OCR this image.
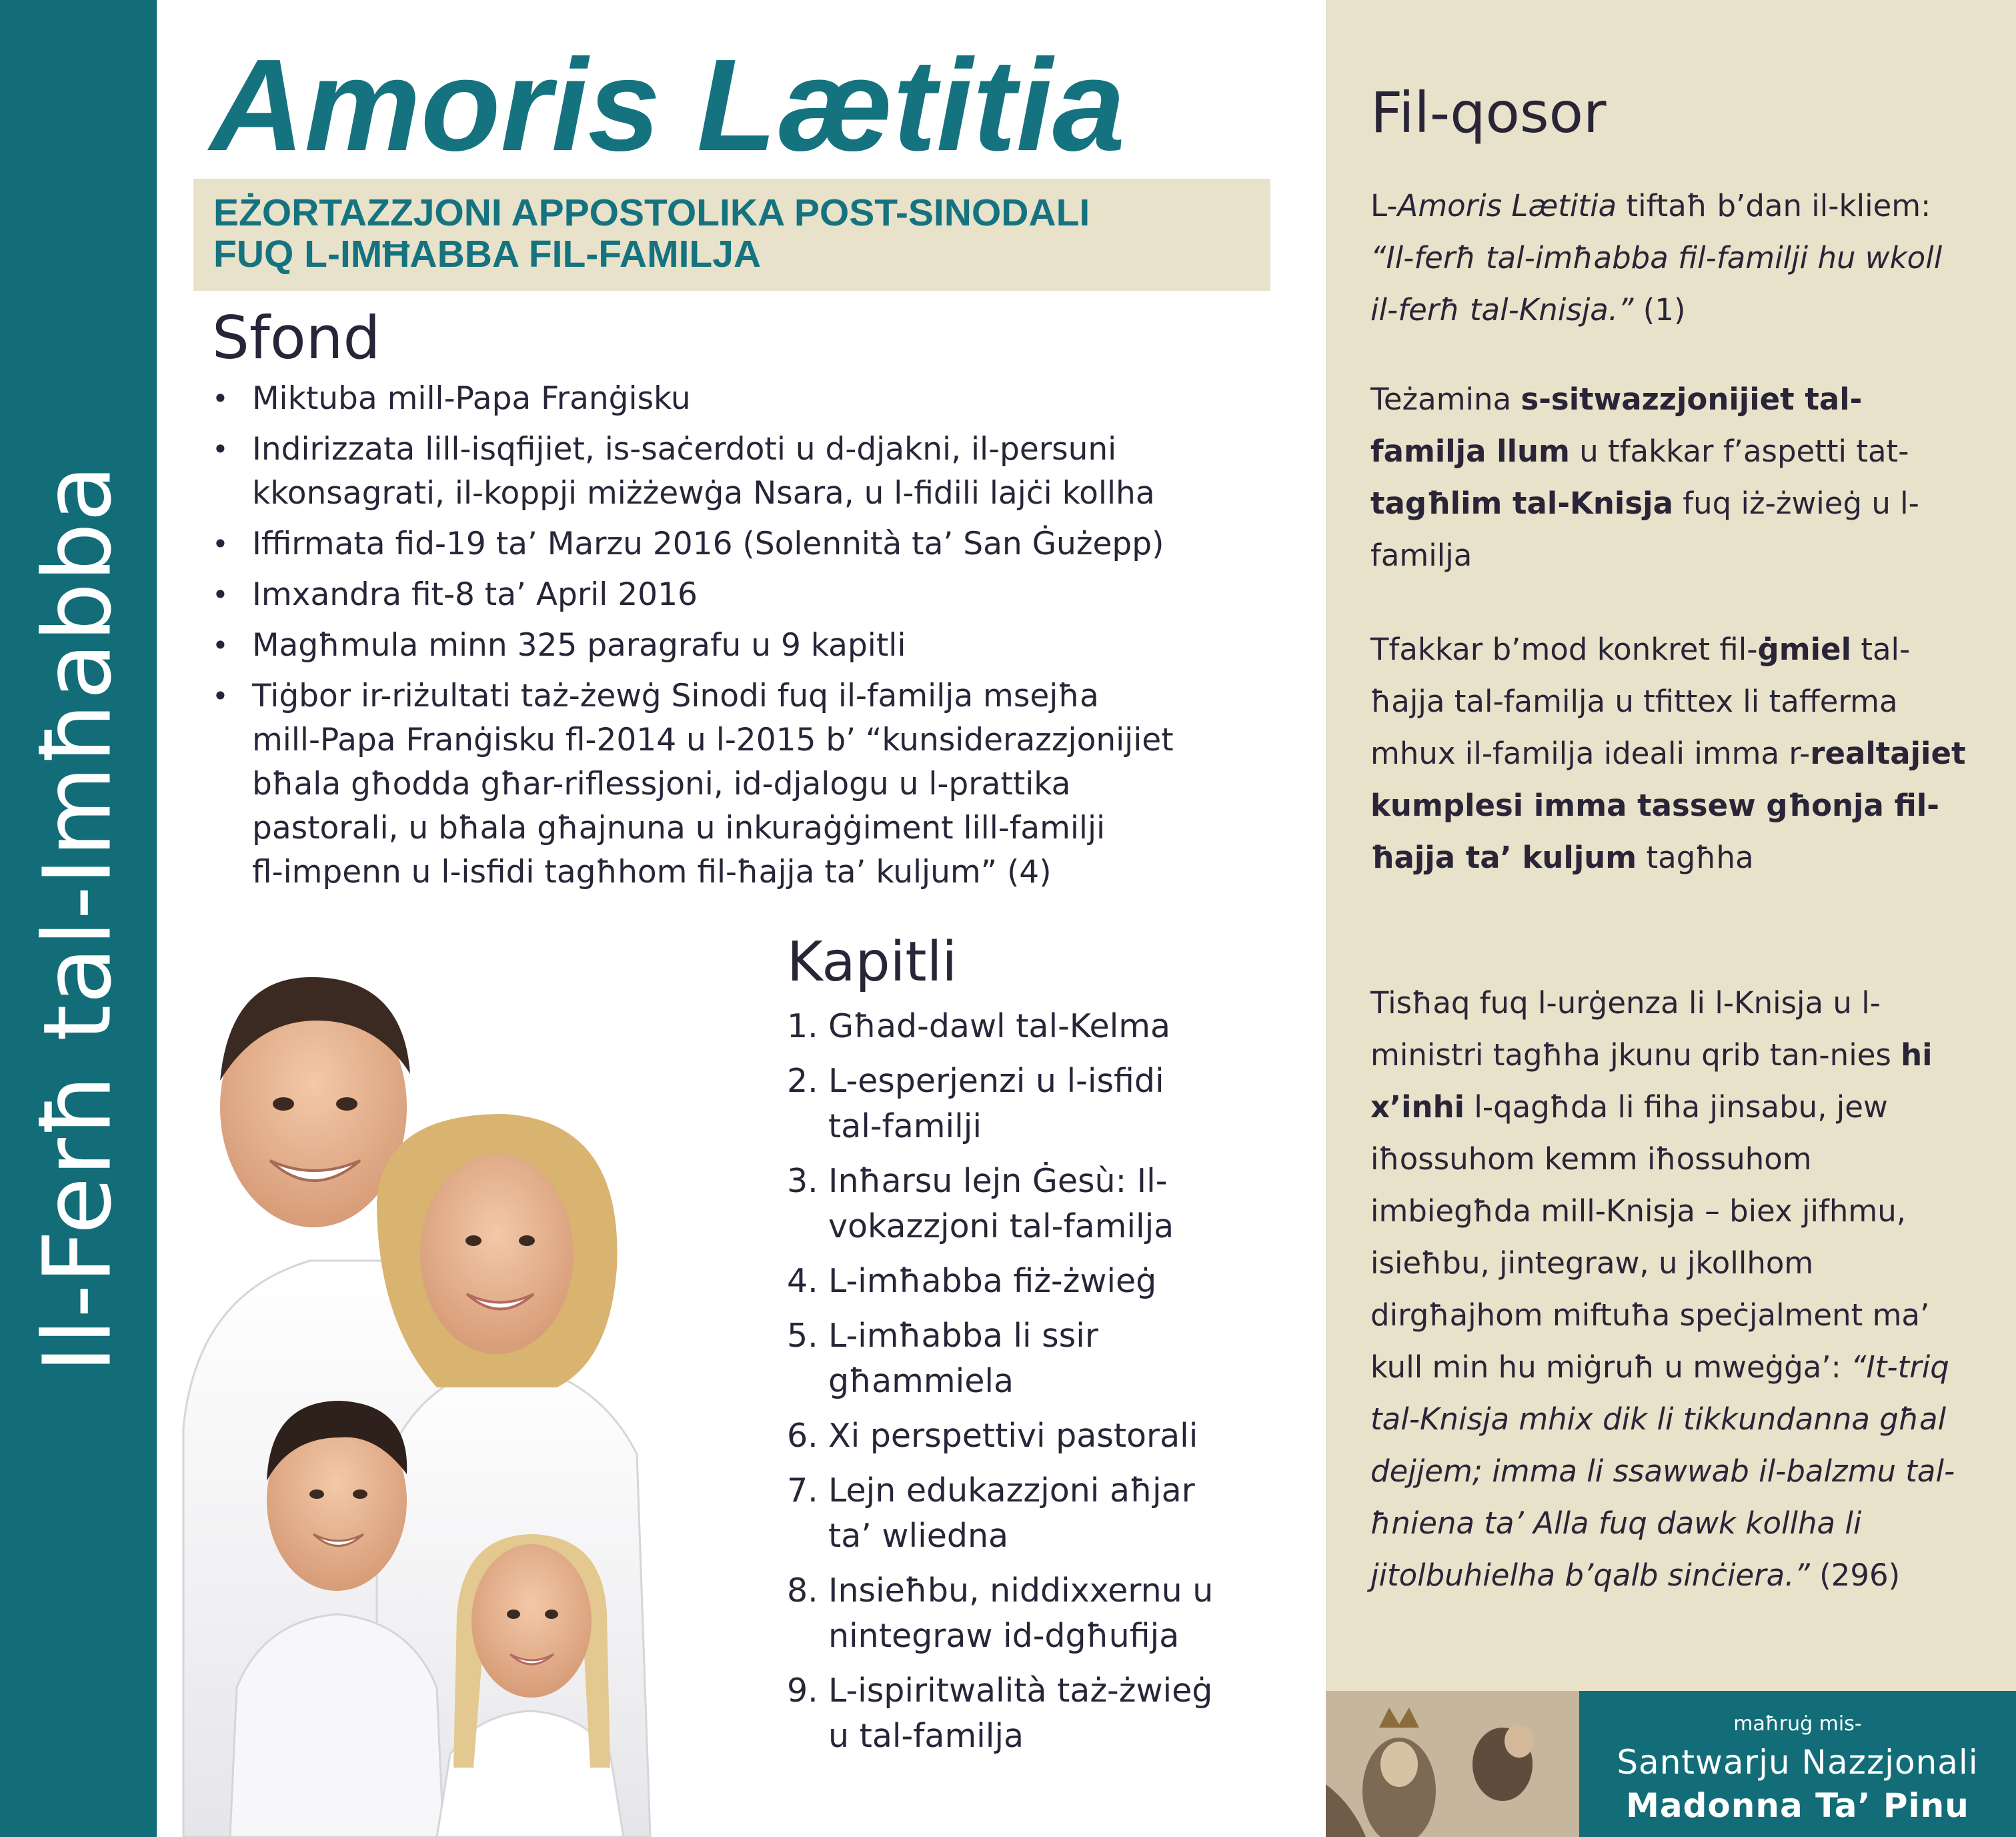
Il-Ferħ tal-Imħabba
Amoris Lætitia
EŻORTAZZJONI APPOSTOLIKA POST-SINODALI
FUQ L-IMĦABBA FIL-FAMILJA
Sfond
• Miktuba mill-Papa Franġisku
• Indirizzata lill-isqfijiet, is-saċerdoti u d-djakni, il-persuni
kkonsagrati, il-koppji miżżewġa Nsara, u l-fidili lajċi kollha
• Iffirmata fid-19 ta’ Marzu 2016 (Solennità ta’ San Ġużepp)
• Imxandra fit-8 ta’ April 2016
• Magħmula minn 325 paragrafu u 9 kapitli
• Tiġbor ir-riżultati taż-żewġ Sinodi fuq il-familja msejħa
mill-Papa Franġisku fl-2014 u l-2015 b’ “kunsiderazzjonijiet
bħala għodda għar-riflessjoni, id-djalogu u l-prattika
pastorali, u bħala għajnuna u inkuraġġiment lill-familji
fl-impenn u l-isfidi tagħhom fil-ħajja ta’ kuljum” (4)
Kapitli
1. Għad-dawl tal-Kelma
2. L-esperjenzi u l-isfidi
tal-familji
3. Inħarsu lejn Ġesù: Il-
vokazzjoni tal-familja
4. L-imħabba fiż-żwieġ
5. L-imħabba li ssir
għammiela
6. Xi perspettivi pastorali
7. Lejn edukazzjoni aħjar
ta’ wliedna
8. Insieħbu, niddixxernu u
nintegraw id-dgħufija
9. L-ispiritwalità taż-żwieġ
u tal-familja
Fil-qosor

L-Amoris Lætitia tiftaħ b’dan il-kliem: “Il-ferħ tal-imħabba fil-familji hu wkoll il-ferħ tal-Knisja.” (1)

Teżamina s-sitwazzjonijiet tal-familja llum u tfakkar f’aspetti tat-tagħlim tal-Knisja fuq iż-żwieġ u l-familja

Tfakkar b’mod konkret fil-ġmiel tal-ħajja tal-familja u tfittex li tafferma mhux il-familja ideali imma r-realtajiet kumplesi imma tassew għonja fil-ħajja ta’ kuljum tagħha

Tisħaq fuq l-urġenza li l-Knisja u l-ministri tagħha jkunu qrib tan-nies hi x’inhi l-qagħda li fiha jinsabu, jew iħossuhom kemm iħossuhom imbiegħda mill-Knisja – biex jifhmu, isieħbu, jintegraw, u jkollhom dirgħajhom miftuħa speċjalment ma’ kull min hu miġruħ u mweġġa’: “It-triq tal-Knisja mhix dik li tikkundanna għal dejjem; imma li ssawwab il-balzmu tal-ħniena ta’ Alla fuq dawk kollha li jitolbuhielha b’qalb sinċiera.” (296)

maħruġ mis-
Santwarju Nazzjonali
Madonna Ta’ Pinu
